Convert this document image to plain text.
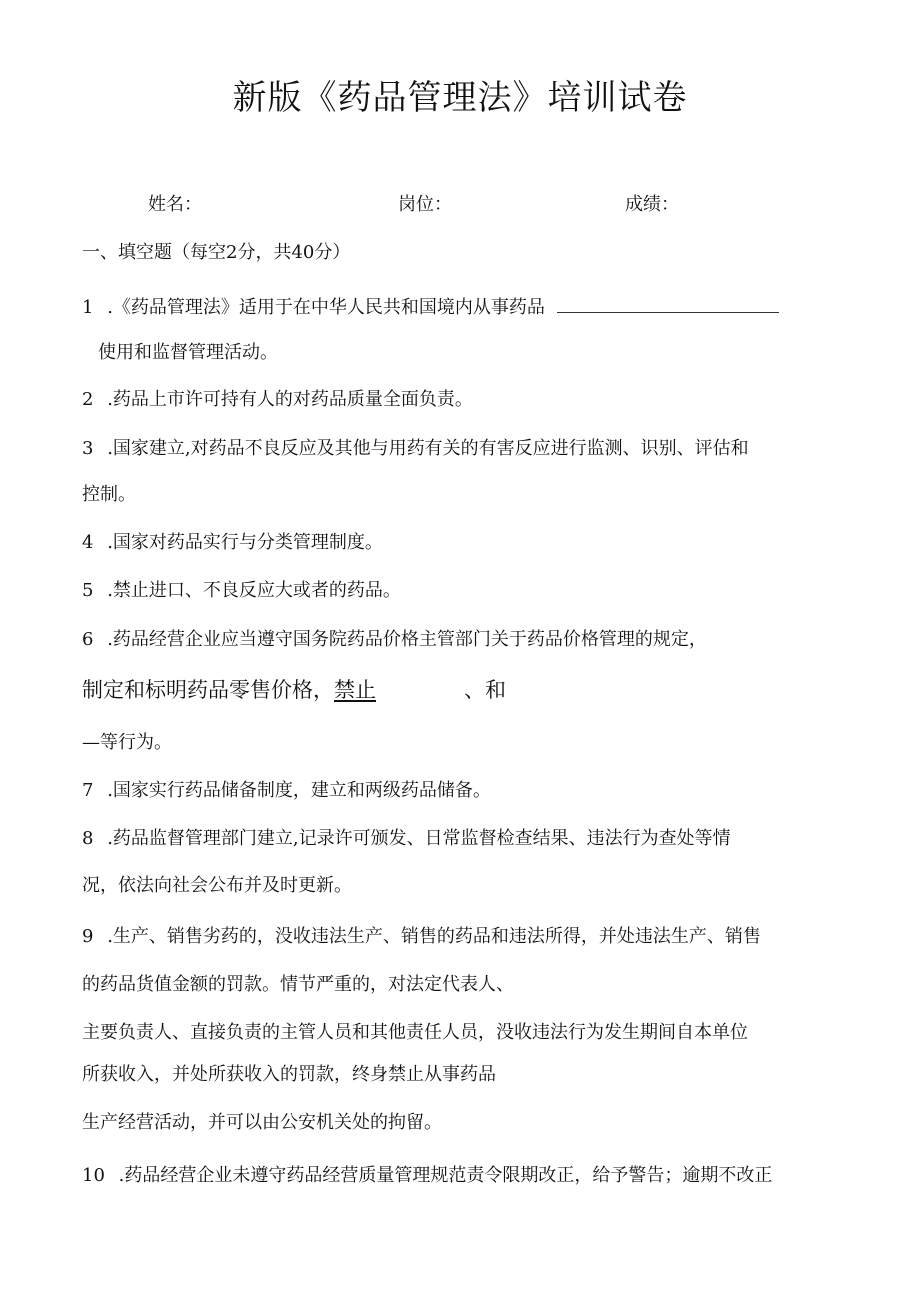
新版《药品管理法》培训试卷
姓名：	岗位：	成绩：
一、填空题（每空2分，共40分）
1 .《药品管理法》适用于在中华人民共和国境内从事药品
使用和监督管理活动。
2 .药品上市许可持有人的对药品质量全面负责。
3 .国家建立,对药品不良反应及其他与用药有关的有害反应进行监测、识别、评估和
控制。
4 .国家对药品实行与分类管理制度。
5 .禁止进口、不良反应大或者的药品。
6 .药品经营企业应当遵守国务院药品价格主管部门关于药品价格管理的规定，
制定和标明药品零售价格，禁止	、和
—等行为。
7 .国家实行药品储备制度，建立和两级药品储备。
8 .药品监督管理部门建立,记录许可颁发、日常监督检查结果、违法行为查处等情
况，依法向社会公布并及时更新。
9 .生产、销售劣药的，没收违法生产、销售的药品和违法所得，并处违法生产、销售
的药品货值金额的罚款。情节严重的，对法定代表人、
主要负责人、直接负责的主管人员和其他责任人员，没收违法行为发生期间自本单位
所获收入，并处所获收入的罚款，终身禁止从事药品
生产经营活动，并可以由公安机关处的拘留。
10 .药品经营企业未遵守药品经营质量管理规范责令限期改正，给予警告；逾期不改正
